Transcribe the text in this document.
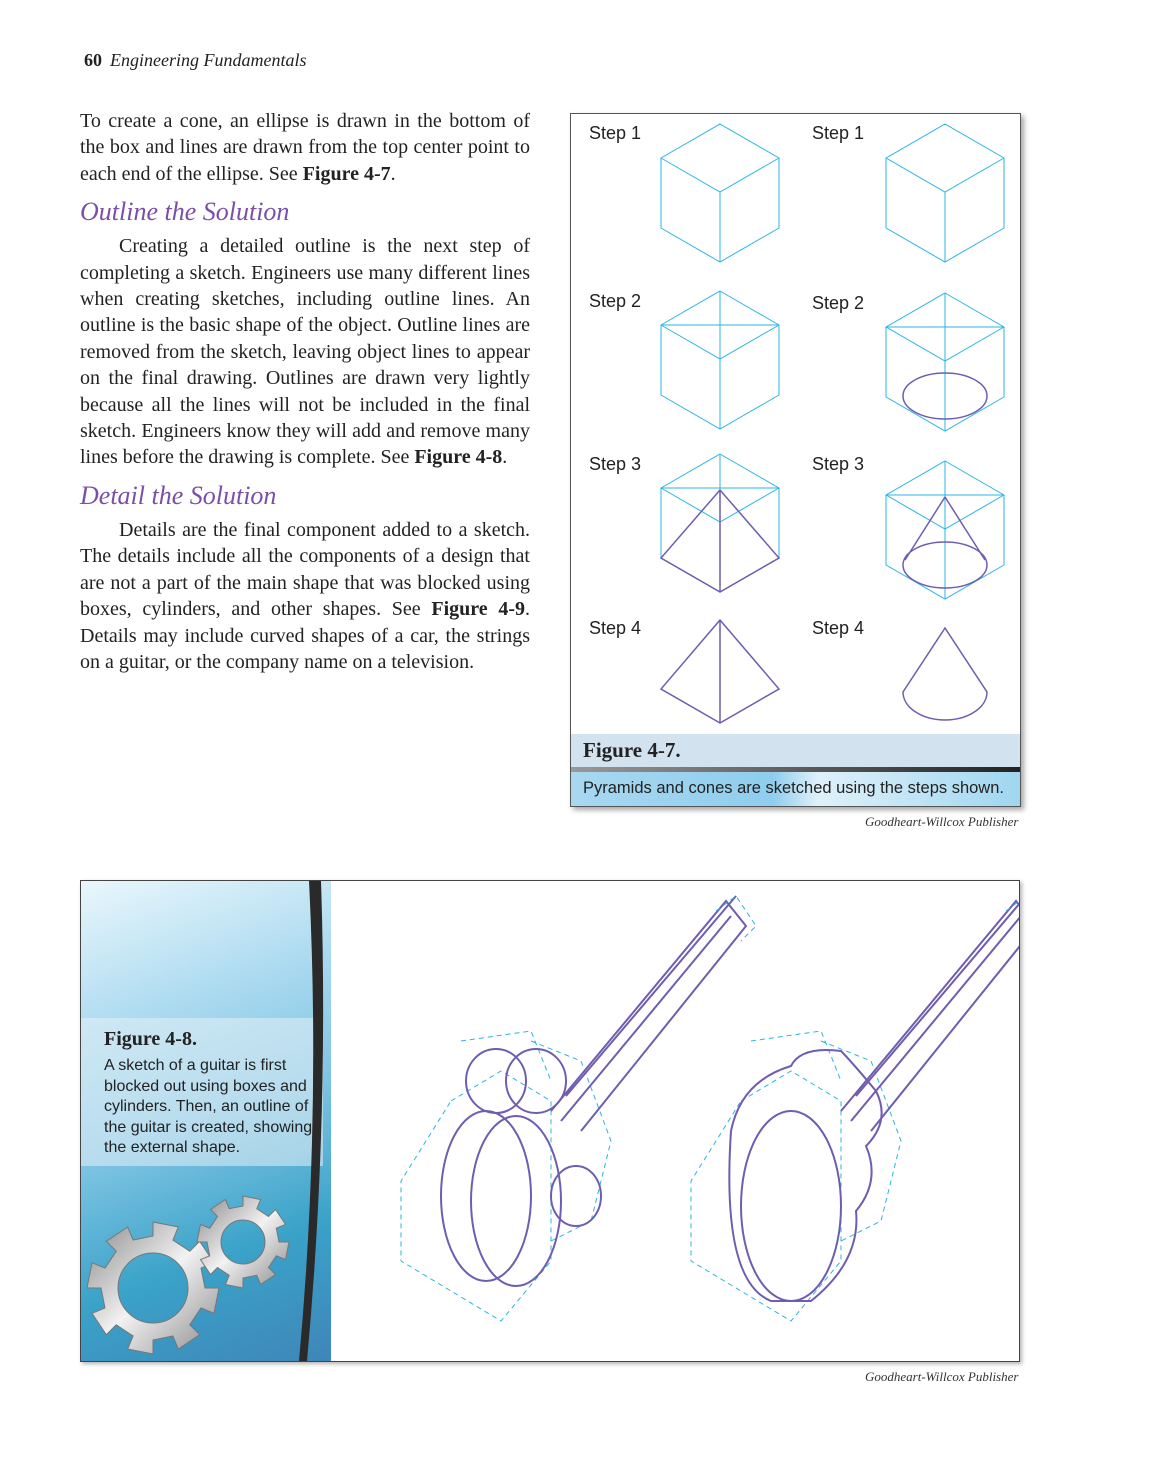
60 Engineering Fundamentals

To create a cone, an ellipse is drawn in the bottom of the box and lines are drawn from the top center point to each end of the ellipse. See Figure 4-7.

Outline the Solution

Creating a detailed outline is the next step of completing a sketch. Engineers use many different lines when creating sketches, including outline lines. An outline is the basic shape of the object. Outline lines are removed from the sketch, leaving object lines to appear on the final drawing. Outlines are drawn very lightly because all the lines will not be included in the final sketch. Engineers know they will add and remove many lines before the drawing is complete. See Figure 4-8.

Detail the Solution

Details are the final component added to a sketch. The details include all the components of a design that are not a part of the main shape that was blocked using boxes, cylinders, and other shapes. See Figure 4-9. Details may include curved shapes of a car, the strings on a guitar, or the company name on a television.

Step 1
Step 2
Step 3
Step 4
Step 1
Step 2
Step 3
Step 4
Figure 4-7.
Pyramids and cones are sketched using the steps shown.
Goodheart-Willcox Publisher
Figure 4-8.
A sketch of a guitar is first blocked out using boxes and cylinders. Then, an outline of the guitar is created, showing the external shape.
Goodheart-Willcox Publisher
